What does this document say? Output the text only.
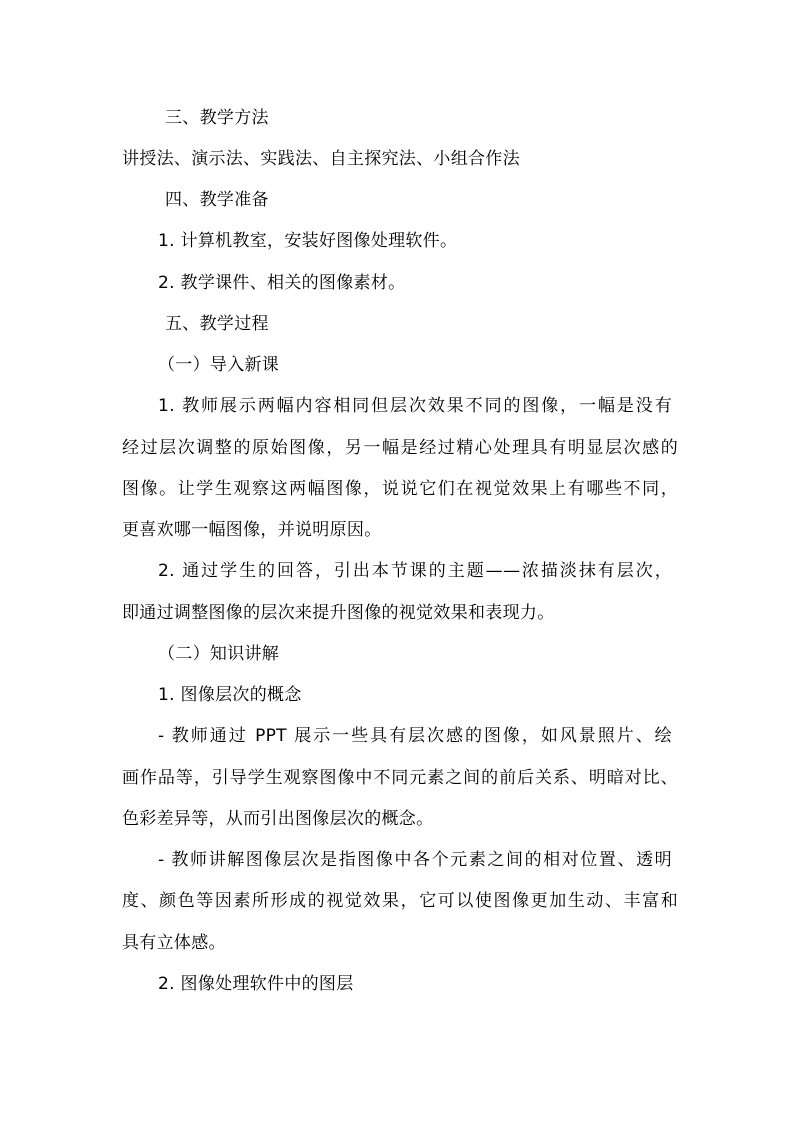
三、教学方法
讲授法、演示法、实践法、自主探究法、小组合作法
四、教学准备
1. 计算机教室，安装好图像处理软件。
2. 教学课件、相关的图像素材。
五、教学过程
（一）导入新课
1. 教师展示两幅内容相同但层次效果不同的图像，一幅是没有
经过层次调整的原始图像，另一幅是经过精心处理具有明显层次感的
图像。让学生观察这两幅图像，说说它们在视觉效果上有哪些不同，
更喜欢哪一幅图像，并说明原因。
2. 通过学生的回答，引出本节课的主题——浓描淡抹有层次，
即通过调整图像的层次来提升图像的视觉效果和表现力。
（二）知识讲解
1. 图像层次的概念
- 教师通过 PPT 展示一些具有层次感的图像，如风景照片、绘
画作品等，引导学生观察图像中不同元素之间的前后关系、明暗对比、
色彩差异等，从而引出图像层次的概念。
- 教师讲解图像层次是指图像中各个元素之间的相对位置、透明
度、颜色等因素所形成的视觉效果，它可以使图像更加生动、丰富和
具有立体感。
2. 图像处理软件中的图层
